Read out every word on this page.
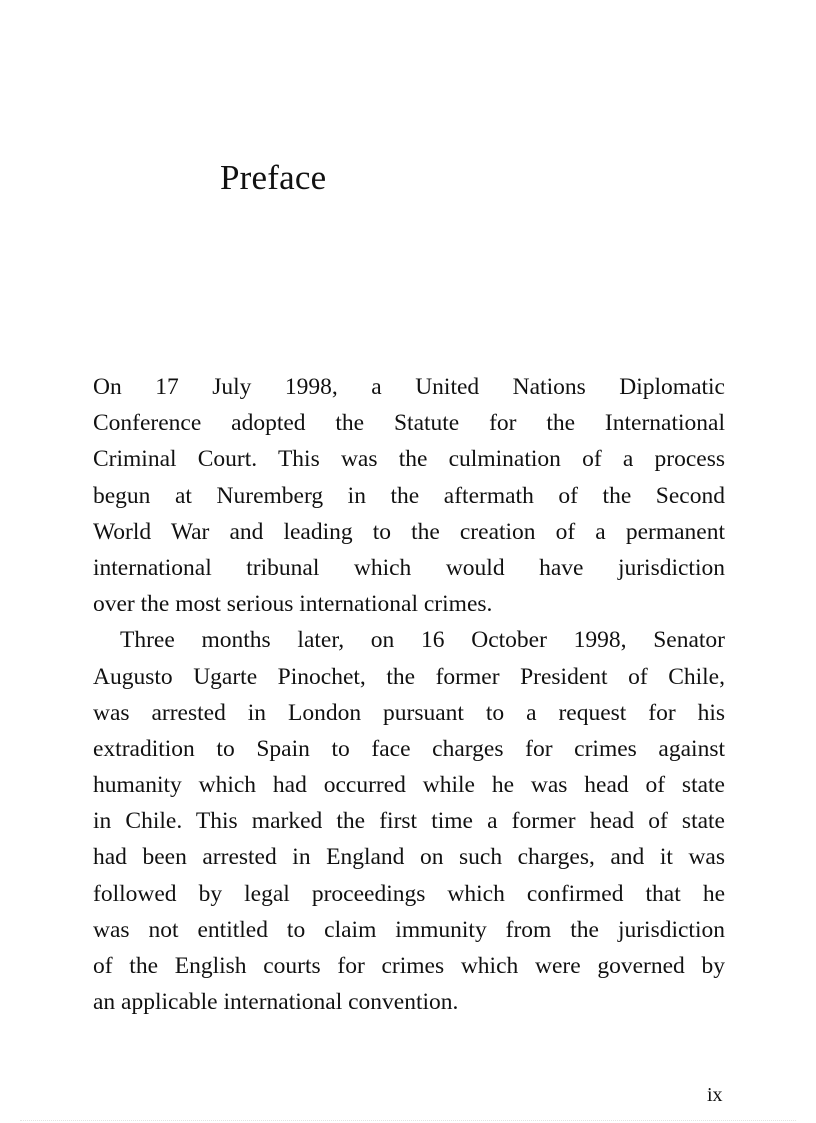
Preface
On 17 July 1998, a United Nations Diplomatic
Conference adopted the Statute for the International
Criminal Court. This was the culmination of a process
begun at Nuremberg in the aftermath of the Second
World War and leading to the creation of a permanent
international tribunal which would have jurisdiction
over the most serious international crimes.
Three months later, on 16 October 1998, Senator
Augusto Ugarte Pinochet, the former President of Chile,
was arrested in London pursuant to a request for his
extradition to Spain to face charges for crimes against
humanity which had occurred while he was head of state
in Chile. This marked the first time a former head of state
had been arrested in England on such charges, and it was
followed by legal proceedings which confirmed that he
was not entitled to claim immunity from the jurisdiction
of the English courts for crimes which were governed by
an applicable international convention.
ix
